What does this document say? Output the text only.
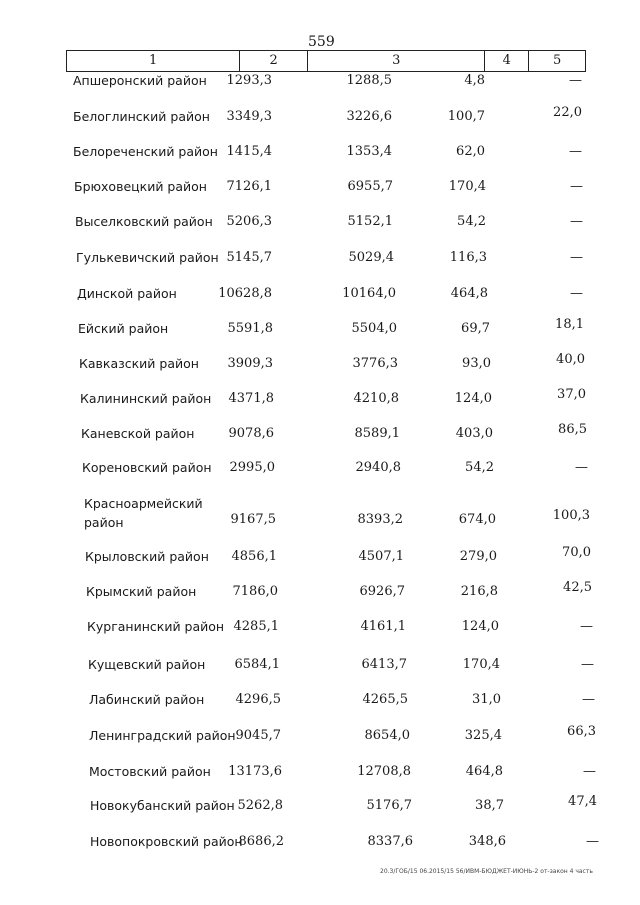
559
1	2	3	4	5
Апшеронский район	1293,3	1288,5	4,8	—
Белоглинский район	3349,3	3226,6	100,7	22,0
Белореченский район 1415,4	1353,4	62,0	—
Брюховецкий район	7126,1	6955,7	170,4	—
Выселковский район	5206,3	5152,1	54,2	—
Гулькевичский район 5145,7	5029,4	116,3	—
Динской район	10628,8	10164,0	464,8	—
Ейский район	5591,8	5504,0	69,7	18,1
Кавказский район	3909,3	3776,3	93,0	40,0
Калининский район	4371,8	4210,8	124,0	37,0
Каневской район	9078,6	8589,1	403,0	86,5
Кореновский район	2995,0	2940,8	54,2	—
Красноармейский
район	9167,5	8393,2	674,0	100,3
Крыловский район	4856,1	4507,1	279,0	70,0
Крымский район	7186,0	6926,7	216,8	42,5
Курганинский район 4285,1	4161,1	124,0	—
Кущевский район	6584,1	6413,7	170,4	—
Лабинский район	4296,5	4265,5	31,0	—
Ленинградский район 9045,7	8654,0	325,4	66,3
Мостовский район	13173,6	12708,8	464,8	—
Новокубанский район 5262,8	5176,7	38,7	47,4
Новопокровский район
8686,2	8337,6	348,6	—
20.3/ГОБ/15 06.2015/15 56/ИВМ-БЮДЖЕТ-ИЮНЬ-2 от-закон 4 часть
